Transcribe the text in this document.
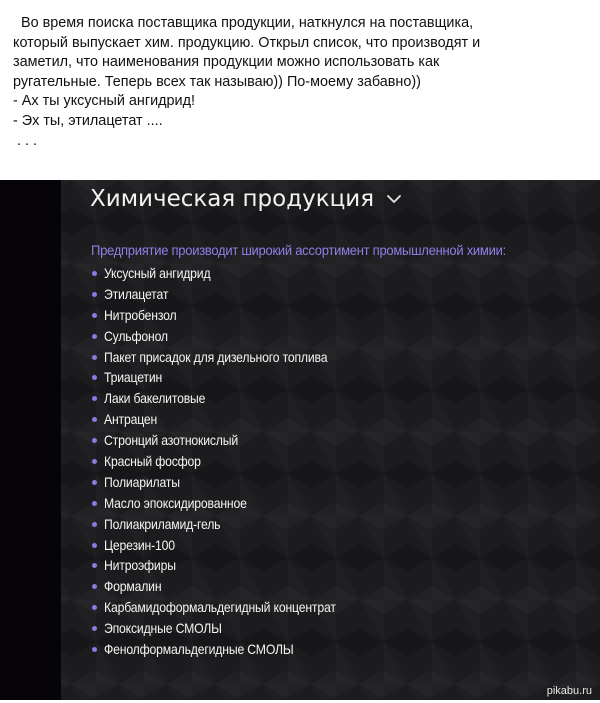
Во время поиска поставщика продукции, наткнулся на поставщика,

который выпускает хим. продукцию. Открыл список, что производят и

заметил, что наименования продукции можно использовать как

ругательные. Теперь всех так называю)) По-моему забавно))

- Ах ты уксусный ангидрид!

- Эх ты, этилацетат ....

. . .

Химическая продукция
Предприятие производит широкий ассортимент промышленной химии:
Уксусный ангидрид
Этилацетат
Нитробензол
Сульфонол
Пакет присадок для дизельного топлива
Триацетин
Лаки бакелитовые
Антрацен
Стронций азотнокислый
Красный фосфор
Полиарилаты
Масло эпоксидированное
Полиакриламид-гель
Церезин-100
Нитроэфиры
Формалин
Карбамидоформальдегидный концентрат
Эпоксидные СМОЛЫ
Фенолформальдегидные СМОЛЫ
pikabu.ru
